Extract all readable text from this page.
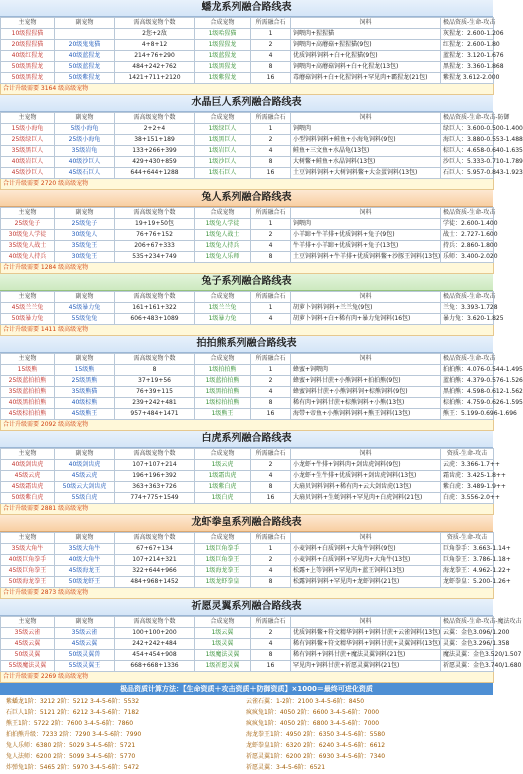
蟠龙系列融合路线表
主宠物	副宠物	需高级宠物个数	合成宠物	所需融合石	饲料	极品资质-生命-攻击
10级猩猩猫		2您+2敌	1级哈猩猫	1	饲喂肉+猩猩猫	灰猩龙：2.600-1.206
20级猩猩猫	20级鬼鬼猫	4+8+12	1级猩猩龙	2	饲喂肉+高蘑菇+猩猩猫(9包)	红猩龙：2.600-1.80
40级红猩龙	40级蓝猩龙	214+76+290	1级蓝猩龙	4	优质饲料饲料+白+化猩猫(9包)	蓝猩龙：3.120-1.676
50级黑猩龙	50级蓝猩龙	484+242+762	1级黑猩龙	8	饲喂肉+高蘑菇饲料+白+化猩龙(13包)	黑猩龙：3.360-1.868
50级黑猩龙	50级紫猩龙	1421+711+2120	1级紫猩龙	16	毒蘑菇饲料+白+化猩饲料+罕见肉+霸猩龙(21包)	紫猩龙 3.612-2.000
合计升级需要 3164 级高级宠物						
水晶巨人系列融合路线表
主宠物	副宠物	需高级宠物个数	合成宠物	所需融合石	饲料	极品资质-生命-攻击-防御
15级小海龟	5级小海龟	2+2+4	1级绿巨人	1	饲喂肉	绿巨人：3.600-0.500-1.400
25级绿巨人	25级小海龟	38+151+189	1级黑巨人	2	小型饲料饲料+鲑鱼+小海龟饲料(9包)	海巨人：3.880-0.553-1.488
35级黑巨人	35级岩龟	133+266+399	1级岩巨人	4	鲑鱼+三文鱼+水晶龟(13包)	棕巨人：4.658-0.640-1.635
40级岩巨人	40级沙巨人	429+430+859	1级沙巨人	8	大树鳖+鲑鱼+水晶饲料(13包)	沙巨人：5.333-0.710-1.789
45级沙巨人	45级石巨人	644+644+1288	1级石巨人	16	土豆饲料饲料+大树饲料鳖+大金蛋饲料(13包)	石巨人：5.957-0.843-1.923
合计升级需要 2720 级高级宠物						
兔人系列融合路线表
主宠物	副宠物	需高级宠物个数	合成宠物	所需融合石	饲料	极品资质-生命-攻击
25级兔子	25级兔子	19+19+50包	1级兔人学徒	1	饲喂肉	学徒：2.600-1.400
30级兔人学徒	30级兔人	76+76+152	1级兔人战士	2	小羊蹄+牛羊排+优质饲料+兔子(9包)	战士：2.727-1.600
35级兔人战士	35级兔王	206+67+333	1级兔人持兵	4	牛羊排+小羊蹄+优质饲料+兔子(13包)	持兵：2.860-1.800
40级兔人持兵	30级兔王	535+234+749	1级兔人乐师	8	土豆饲料饲料+牛羊排+优质饲料鳖+沙豚王饲料(13包)	乐师：3.400-2.020
合计升级需要 1284 级高级宠物						
兔子系列融合路线表
主宠物	副宠物	需高级宠物个数	合成宠物	所需融合石	饲料	极品资质-生命-攻击
45级兰兰兔	45级暴力兔	161+161+322	1级兰兰兔	1	胡萝卜饲料饲料+兰兰兔(9包)	兰兔：3.393-1.728
50级暴力兔	55级兔兔	606+483+1089	1级暴力兔	4	胡萝卜饲料+白+稀有肉+暴力兔饲料(16包)	暴力兔：3.620-1.825
合计升级需要 1411 级高级宠物						
拍拍熊系列融合路线表
主宠物	副宠物	需高级宠物个数	合成宠物	所需融合石	饲料	极品资质-生命-攻击
15级熊	15级熊	8	1级拍拍熊	1	蜂蜜+饲喂肉	拍拍熊：4.076-0.544-1.495
25级蓝拍拍熊	25级黑熊	37+19+56	1级蓝拍拍熊	2	蜂蜜+饲料甘蔗+小熊饲料+拍拍熊(9包)	蓝拍熊：4.379-0.576-1.526
35级蓝拍拍熊	35级熊猫	76+39+115	1级黑拍拍熊	4	蜂蜜饲料甘蔗+小熊饲料饲+棕熊饲料(9包)	黑拍熊：4.598-0.612-1.562
40级黑拍拍熊	40级棕熊	239+242+481	1级棕拍拍熊	8	稀有肉+饲料甘蔗+棕熊饲料+小熊(13包)	棕拍熊：4.759-0.626-1.595
45级棕拍拍熊	45级熊王	957+484+1471	1级熊王	16	海带+帝鱼+小熊饲料饲料+熊王饲料(13包)	熊王：5.199-0.696-1.696
合计升级需要 2092 级高级宠物						
白虎系列融合路线表
主宠物	副宠物	需高级宠物个数	合成宠物	所需融合石	饲料	资质-生命-攻击
40级剑齿虎	40级剑齿虎	107+107+214	1级云虎	2	小龙虾+牛排+饲料肉+剑齿虎饲料(9包)	云虎：3.366-1.7++
45级云虎	45级云虎	196+196+392	1级霜齿虎	4	小龙虾+生牛排+优质饲料+剑齿虎饲料(13包)	霜齿虎：3.425-1.8++
45级霜齿虎	50级云大剑齿虎	363+363+726	1级紫白虎	8	大扇贝饲料饲料+稀有肉+云大剑齿虎(13包)	紫白虎：3.489-1.9++
50级紫白虎	55级白虎	774+775+1549	1级白虎	16	大扇贝饲料+生蚝饲料+罕见肉+白虎饲料(21包)	白虎：3.556-2.0++
合计升级需要 2881 级高级宠物						
龙虾拳皇系列融合路线表
主宠物	副宠物	需高级宠物个数	合成宠物	所需融合石	饲料	资质-生命-攻击
35级大角牛	35级大角牛	67+67+134	1级巨角拳手	1	小麦饲料+白质饲料+大角牛饲料(9包)	巨角拳手：3.663-1.14+
40级巨角拳手	40级大角牛	107+214+321	1级巨角拳王	2	小麦饲料+白质饲料+罕见肉+大角牛(13包)	巨角拳王：3.786-1.18+
45级巨角拳王	45级海龙王	322+644+966	1级海龙拳王	4	松露+上等饲料+罕见肉+蓝王饲料(13包)	海龙拳王：4.962-1.22+
50级海龙拳王	50级龙虾王	484+968+1452	1级龙虾拳皇	8	松露饲料饲料+罕见肉+龙虾饲料(21包)	龙虾拳皇：5.200-1.26+
合计升级需要 2873 级高级宠物						
祈愿灵翼系列融合路线表
主宠物	副宠物	需高级宠物个数	合成宠物	所需融合石	饲料	极品资质-生命-攻击-魔法攻击
35级云雀	35级云雀	100+100+200	1级云翼	2	优质饲料鳖+符文精华饲料+饲料甘蔗+云雀饲料(13包)	云翼：金色3.096/1.200
45级云翼	45级云翼	242+242+484	1级灵翼	4	稀有饲料鳖+符文精华饲料+饲料甘蔗+灵翼饲料(13包)	灵翼：金色3.296/1.358
50级灵翼	50级灵翼兽	454+454+908	1级魔法灵翼	8	稀有饲料+饲料甘蔗+魔法灵翼饲料(21包)	魔法灵翼：金色3.520/1.507
55级魔法灵翼	55级灵翼王	668+668+1336	1级祈愿灵翼	16	罕见肉+饲料甘蔗+祈愿灵翼饲料(21包)	祈愿灵翼：金色3.740/1.680
合计升级需要 2269 级高级宠物						
极品资质计算方法：【生命资质＋攻击资质＋防御资质】×1000＝最终可进化资质
紫蟠龙1阶：3212 2阶：5212 3-4-5-6阶：5532	云雀石翼：1-2阶：2100 3-4-5-6阶：8450
石巨人1阶：5121 2阶：6212 3-4-5-6阶：7182	疯疯兔1阶：4050 2阶：6600 3-4-5-6阶：7000
熊王1阶：5722 2阶：7600 3-4-5-6阶：7860	疯疯兔1阶：4050 2阶：6800 3-4-5-6阶：7000
拍拍熊升级：7233 2阶：7290 3-4-5-6阶：7990	海龙拳王1阶：4950 2阶：6350 3-4-5-6阶：5580
兔人乐师：6380 2阶：5029 3-4-5-6阶：5721	龙虾拳皇1阶：6320 2阶：6240 3-4-5-6阶：6612
兔人法师：6200 2阶：5099 3-4-5-6阶：5770	祈愿灵翼1阶：6200 2阶：6930 3-4-5-6阶：7340
炸弹兔1阶：5465 2阶：5970 3-4-5-6阶：5472	祈愿灵翼：3-4-5-6阶：6521
